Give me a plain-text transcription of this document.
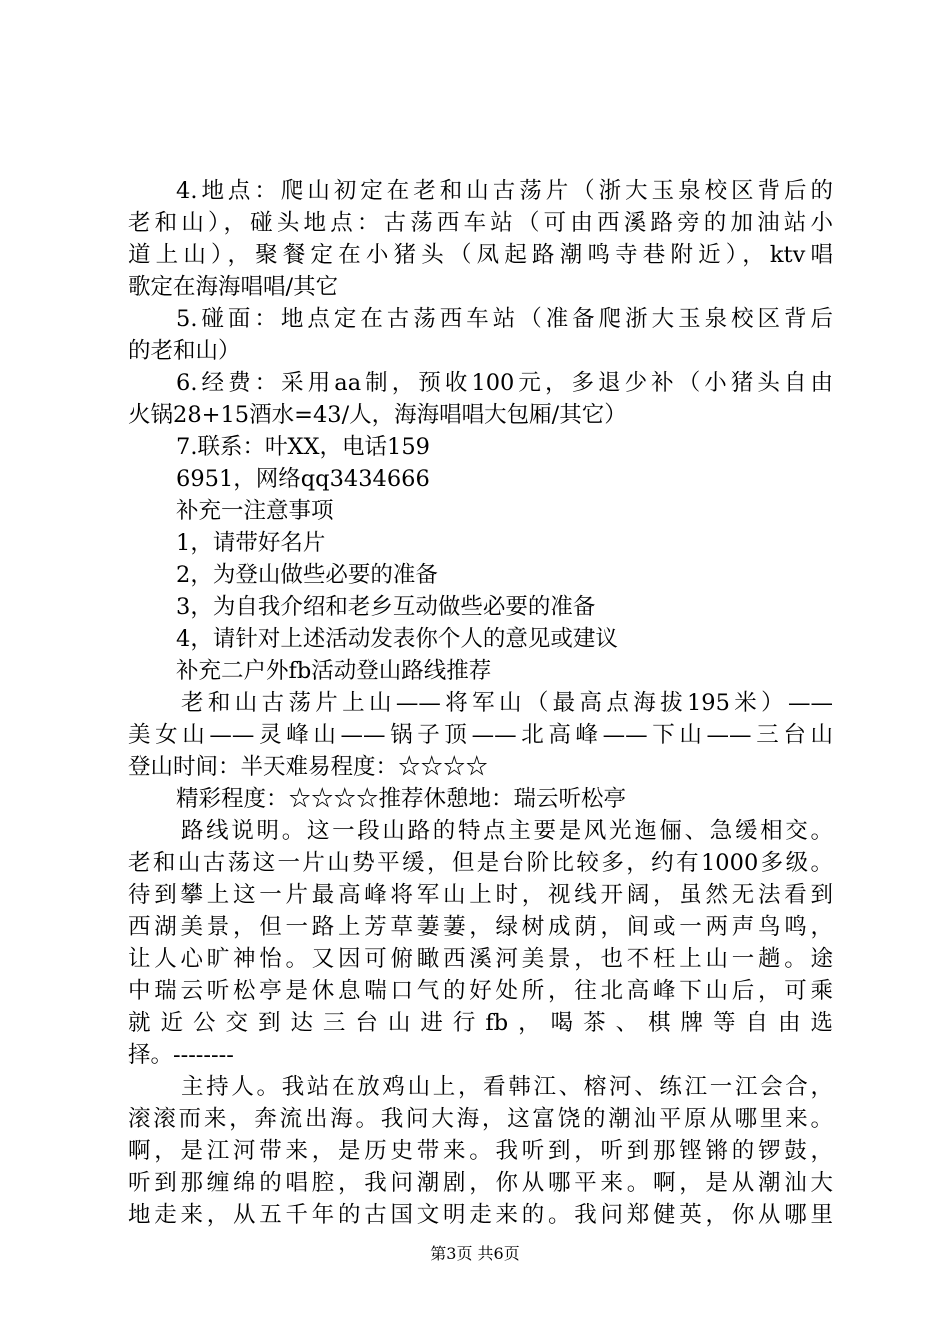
4.地点：爬山初定在老和山古荡片（浙大玉泉校区背后的
老和山），碰头地点：古荡西车站（可由西溪路旁的加油站小
道上山），聚餐定在小猪头（凤起路潮鸣寺巷附近），ktv唱
歌定在海海唱唱/其它
5.碰面：地点定在古荡西车站（准备爬浙大玉泉校区背后
的老和山）
6.经费：采用aa制，预收100元，多退少补（小猪头自由
火锅28+15酒水=43/人，海海唱唱大包厢/其它）
7.联系：叶XX，电话159
6951，网络qq3434666
补充一注意事项
1，请带好名片
2，为登山做些必要的准备
3，为自我介绍和老乡互动做些必要的准备
4，请针对上述活动发表你个人的意见或建议
补充二户外fb活动登山路线推荐
老和山古荡片上山——将军山（最高点海拔195米）——
美女山——灵峰山——锅子顶——北高峰——下山——三台山
登山时间：半天难易程度：☆☆☆☆
精彩程度：☆☆☆☆推荐休憩地：瑞云听松亭
路线说明。这一段山路的特点主要是风光迤俪、急缓相交。
老和山古荡这一片山势平缓，但是台阶比较多，约有1000多级。
待到攀上这一片最高峰将军山上时，视线开阔，虽然无法看到
西湖美景，但一路上芳草萋萋，绿树成荫，间或一两声鸟鸣，
让人心旷神怡。又因可俯瞰西溪河美景，也不枉上山一趟。途
中瑞云听松亭是休息喘口气的好处所，往北高峰下山后，可乘
就近公交到达三台山进行fb，喝茶、棋牌等自由选
择。--------
主持人。我站在放鸡山上，看韩江、榕河、练江一江会合，
滚滚而来，奔流出海。我问大海，这富饶的潮汕平原从哪里来。
啊，是江河带来，是历史带来。我听到，听到那铿锵的锣鼓，
听到那缠绵的唱腔，我问潮剧，你从哪平来。啊，是从潮汕大
地走来，从五千年的古国文明走来的。我问郑健英，你从哪里
第3页 共6页
